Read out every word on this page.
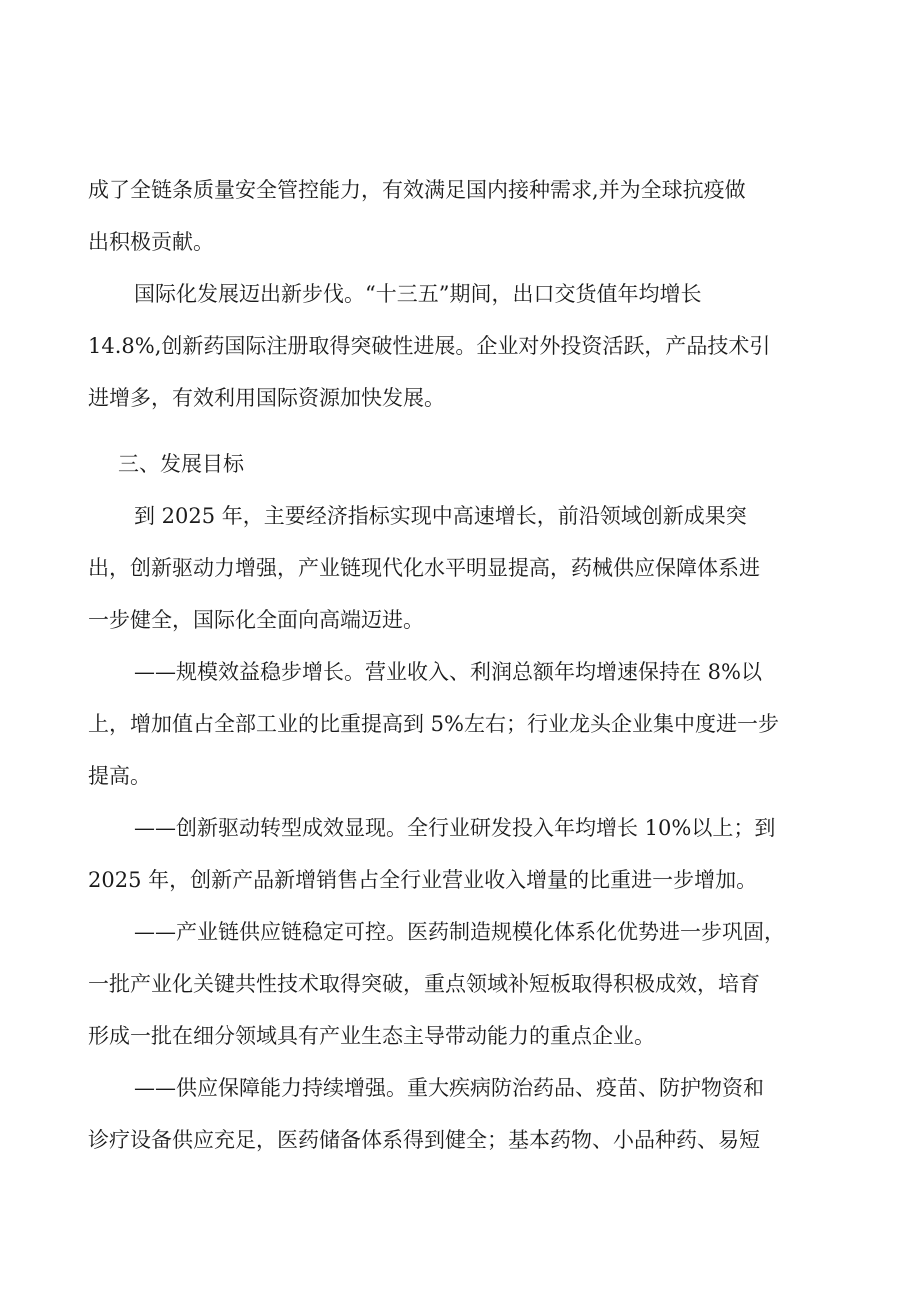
成了全链条质量安全管控能力，有效满足国内接种需求,并为全球抗疫做

出积极贡献。

国际化发展迈出新步伐。“十三五”期间，出口交货值年均增长

14.8%,创新药国际注册取得突破性进展。企业对外投资活跃，产品技术引

进增多，有效利用国际资源加快发展。

三、发展目标

到 2025 年，主要经济指标实现中高速增长，前沿领域创新成果突

出，创新驱动力增强，产业链现代化水平明显提高，药械供应保障体系进

一步健全，国际化全面向高端迈进。

——规模效益稳步增长。营业收入、利润总额年均增速保持在 8%以

上，增加值占全部工业的比重提高到 5%左右；行业龙头企业集中度进一步

提高。

——创新驱动转型成效显现。全行业研发投入年均增长 10%以上；到

2025 年，创新产品新增销售占全行业营业收入增量的比重进一步增加。

——产业链供应链稳定可控。医药制造规模化体系化优势进一步巩固，

一批产业化关键共性技术取得突破，重点领域补短板取得积极成效，培育

形成一批在细分领域具有产业生态主导带动能力的重点企业。

——供应保障能力持续增强。重大疾病防治药品、疫苗、防护物资和

诊疗设备供应充足，医药储备体系得到健全；基本药物、小品种药、易短
